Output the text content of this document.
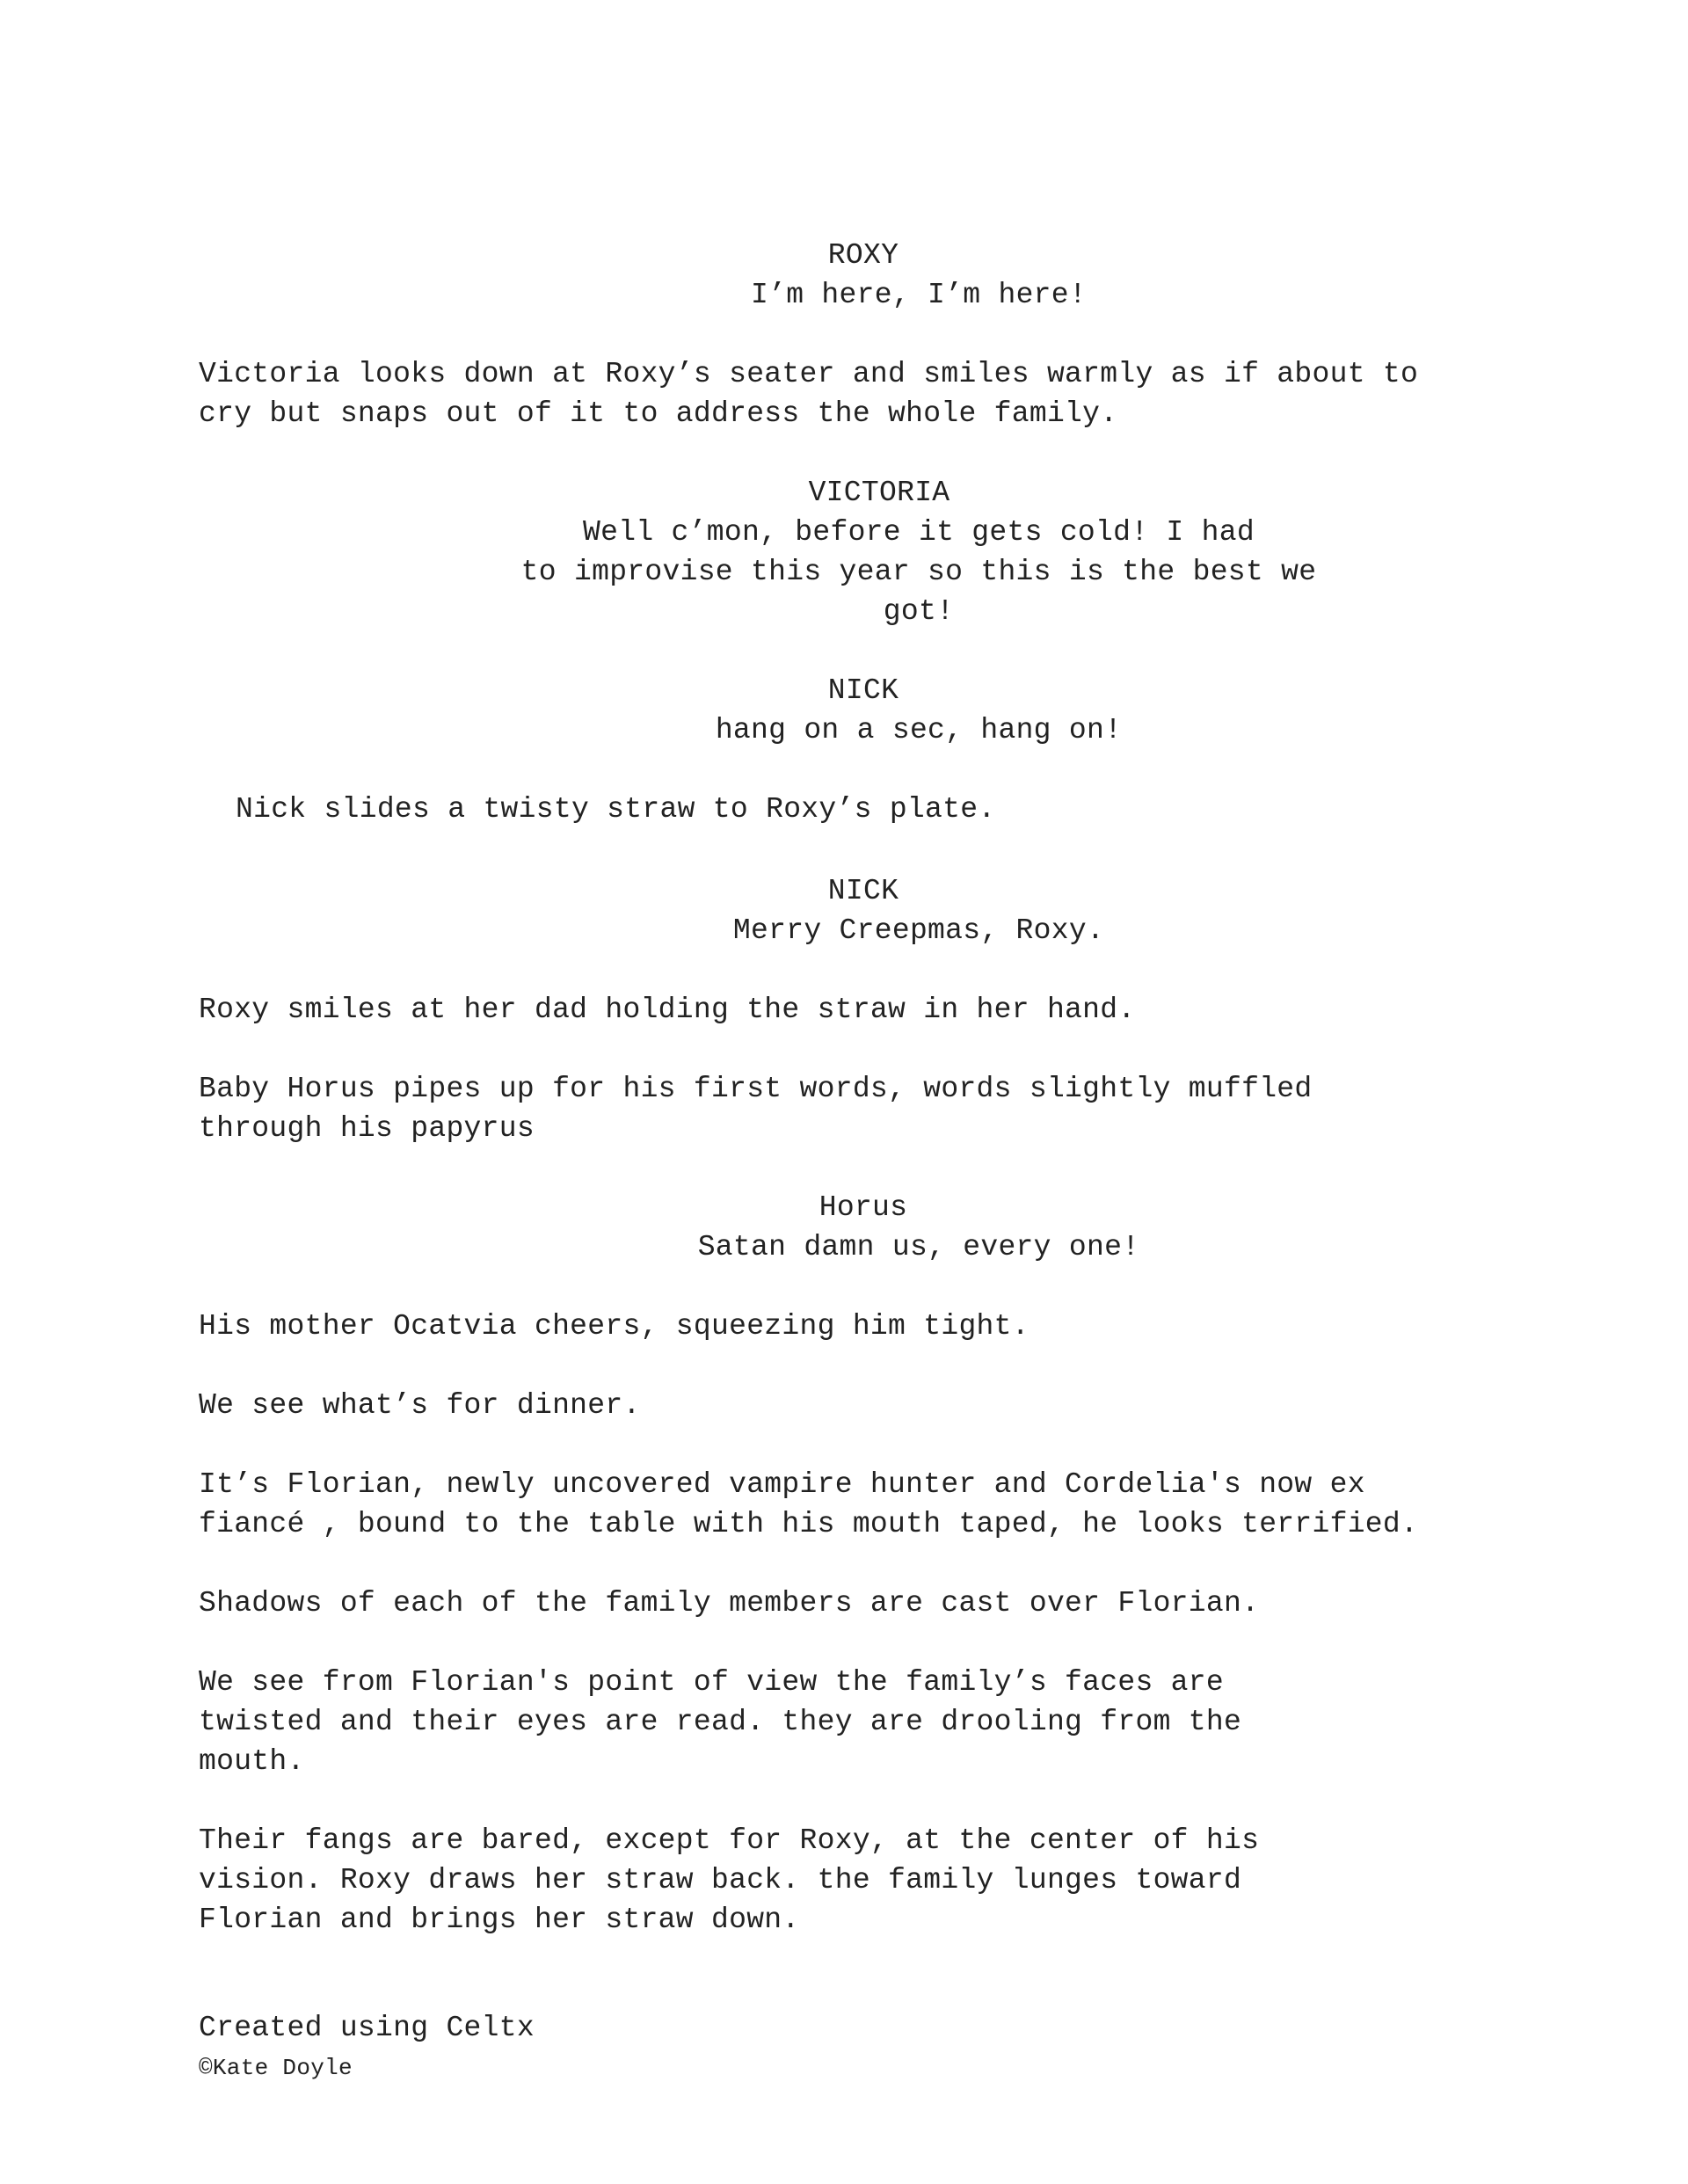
ROXY
I’m here, I’m here!
Victoria looks down at Roxy’s seater and smiles warmly as if about to
cry but snaps out of it to address the whole family.
VICTORIA
Well c’mon, before it gets cold! I had
to improvise this year so this is the best we
got!
NICK
hang on a sec, hang on!
Nick slides a twisty straw to Roxy’s plate.
NICK
Merry Creepmas, Roxy.
Roxy smiles at her dad holding the straw in her hand.
Baby Horus pipes up for his first words, words slightly muffled
through his papyrus
Horus
Satan damn us, every one!
His mother Ocatvia cheers, squeezing him tight.
We see what’s for dinner.
It’s Florian, newly uncovered vampire hunter and Cordelia's now ex
fiancé , bound to the table with his mouth taped, he looks terrified.
Shadows of each of the family members are cast over Florian.
We see from Florian's point of view the family’s faces are
twisted and their eyes are read. they are drooling from the
mouth.
Their fangs are bared, except for Roxy, at the center of his
vision. Roxy draws her straw back. the family lunges toward
Florian and brings her straw down.
Created using Celtx
©Kate Doyle
